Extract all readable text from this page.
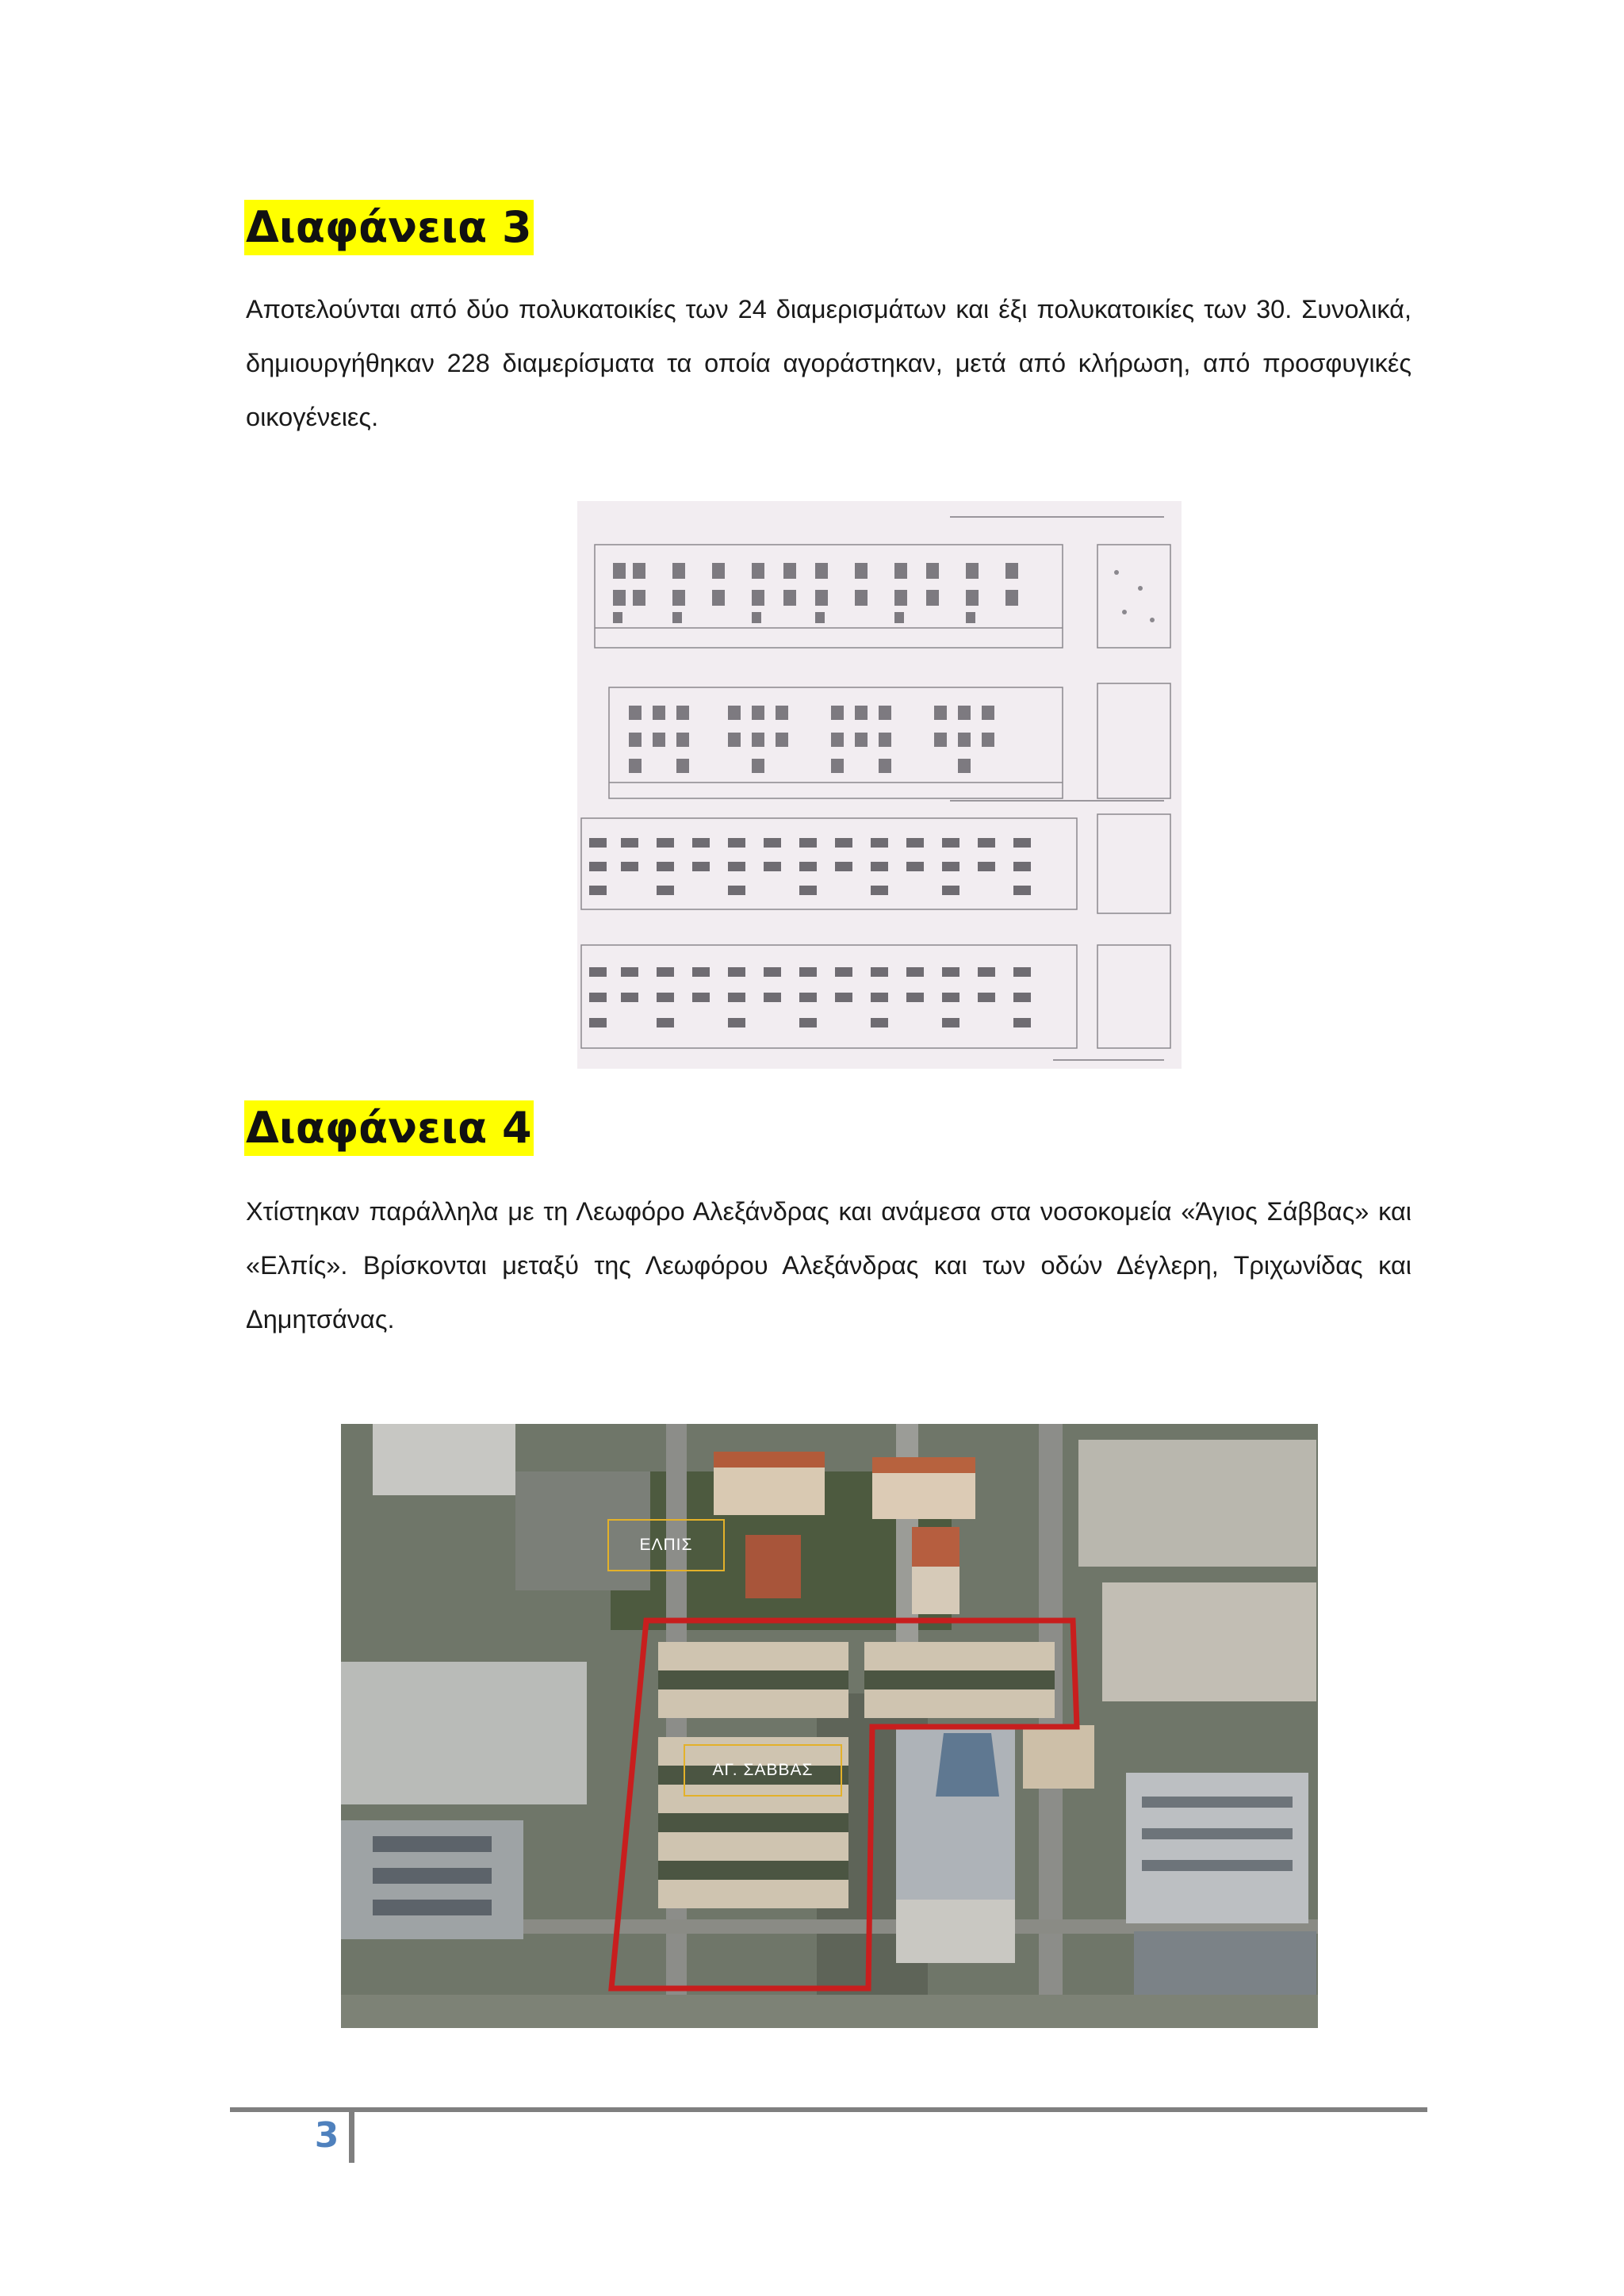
Διαφάνεια 3

Αποτελούνται από δύο πολυκατοικίες των 24 διαμερισμάτων και έξι πολυκατοικίες των 30. Συνολικά, δημιουργήθηκαν 228 διαμερίσματα τα οποία αγοράστηκαν, μετά από κλήρωση, από προσφυγικές οικογένειες.

Διαφάνεια 4

Χτίστηκαν παράλληλα με τη Λεωφόρο Αλεξάνδρας και ανάμεσα στα νοσοκομεία «Άγιος Σάββας» και «Ελπίς». Βρίσκονται μεταξύ της Λεωφόρου Αλεξάνδρας και των οδών Δέγλερη, Τριχωνίδας και Δημητσάνας.

ΕΛΠΙΣ
ΑΓ. ΣΑΒΒΑΣ
3
